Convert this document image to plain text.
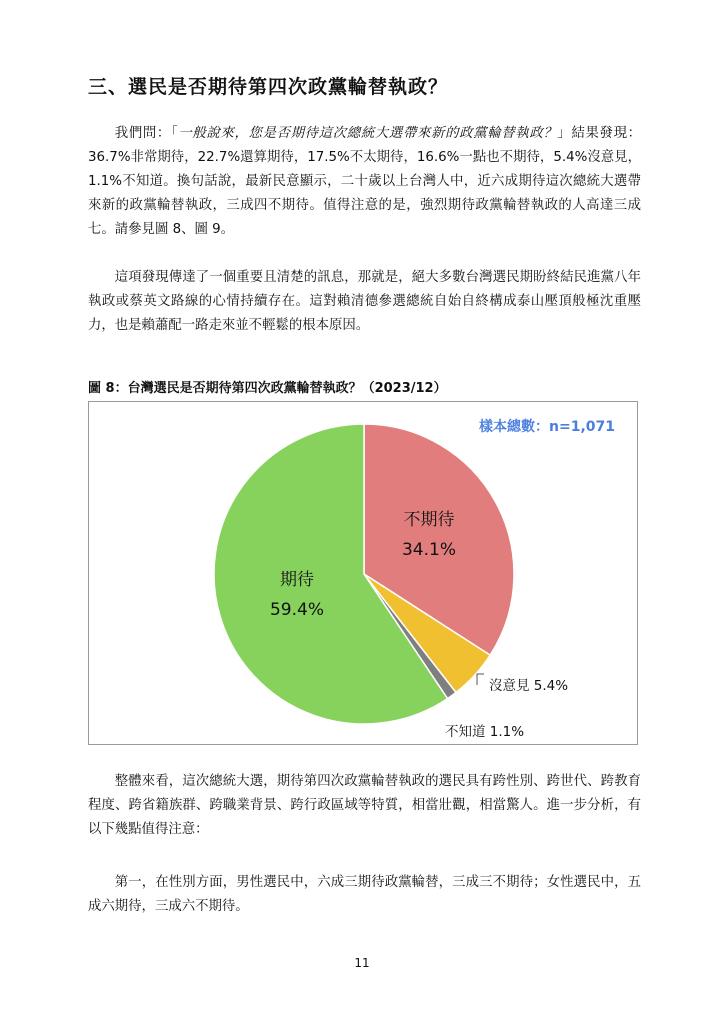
三、選民是否期待第四次政黨輪替執政？

我們問：「一般說來，您是否期待這次總統大選帶來新的政黨輪替執政？」結果發現：36.7%非常期待，22.7%還算期待，17.5%不太期待，16.6%一點也不期待，5.4%沒意見，1.1%不知道。換句話說，最新民意顯示，二十歲以上台灣人中，近六成期待這次總統大選帶來新的政黨輪替執政，三成四不期待。值得注意的是，強烈期待政黨輪替執政的人高達三成七。請參見圖 8、圖 9。

這項發現傳達了一個重要且清楚的訊息，那就是，絕大多數台灣選民期盼終結民進黨八年執政或蔡英文路線的心情持續存在。這對賴清德參選總統自始自終構成泰山壓頂般極沈重壓力，也是賴蕭配一路走來並不輕鬆的根本原因。

圖 8：台灣選民是否期待第四次政黨輪替執政？（2023/12）

樣本總數：n=1,071
不期待
34.1%
期待
59.4%
沒意見 5.4%
不知道 1.1%

整體來看，這次總統大選，期待第四次政黨輪替執政的選民具有跨性別、跨世代、跨教育程度、跨省籍族群、跨職業背景、跨行政區域等特質，相當壯觀，相當驚人。進一步分析，有以下幾點值得注意：

第一，在性別方面，男性選民中，六成三期待政黨輪替，三成三不期待；女性選民中，五成六期待，三成六不期待。

11
